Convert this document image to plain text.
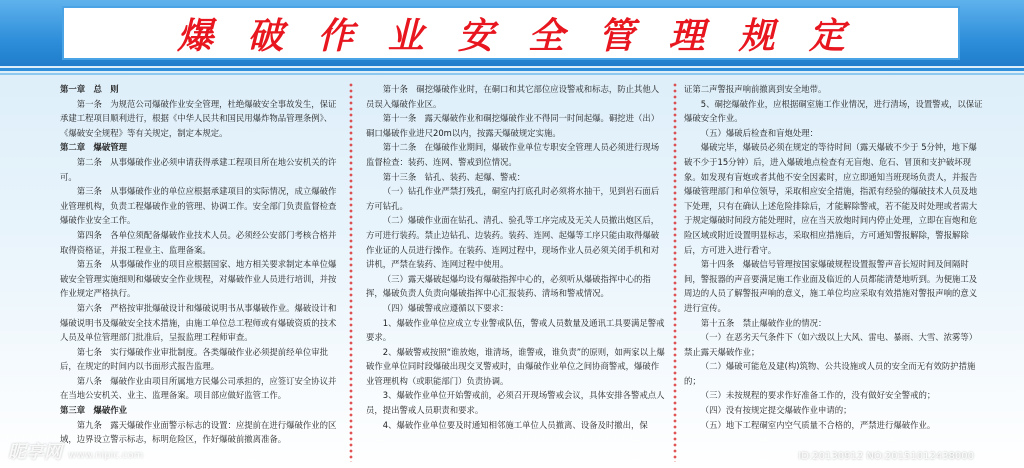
爆破作业安全管理规定

第一章　总　则

第一条　为规范公司爆破作业安全管理，杜绝爆破安全事故发生，保证承建工程项目顺利进行，根据《中华人民共和国民用爆炸物品管理条例》、《爆破安全规程》等有关规定，制定本规定。

第二章　爆破管理

第二条　从事爆破作业必须申请获得承建工程项目所在地公安机关的许可。

第三条　从事爆破作业的单位应根据承建项目的实际情况，成立爆破作业管理机构，负责工程爆破作业的管理、协调工作。安全部门负责监督检查爆破作业安全工作。

第四条　各单位须配备爆破作业技术人员。必须经公安部门考核合格并取得资格证，并报工程业主、监理备案。

第五条　从事爆破作业的项目应根据国家、地方相关要求制定本单位爆破安全管理实施细则和爆破安全作业规程，对爆破作业人员进行培训，并按作业规定严格执行。

第六条　严格按审批爆破设计和爆破说明书从事爆破作业。爆破设计和爆破说明书及爆破安全技术措施，由施工单位总工程师或有爆破资质的技术人员及单位管理部门批准后，呈报监理工程师审查。

第七条　实行爆破作业审批制度。各类爆破作业必须提前经单位审批后，在规定的时间内以书面形式报告监理。

第八条　爆破作业由项目所属地方民爆公司承担的，应签订安全协议并在当地公安机关、业主、监理备案。项目部应做好监管工作。

第三章　爆破作业

第九条　露天爆破作业面警示标志的设置：应提前在进行爆破作业的区域，边界设立警示标志，标明危险区，作好爆破前撤离准备。

第十条　硐挖爆破作业时，在硐口和其它部位应设警戒和标志，防止其他人员误入爆破作业区。

第十一条　露天爆破作业和硐挖爆破作业不得同一时间起爆。硐挖进（出）硐口爆破作业进尺20m以内，按露天爆破规定实施。

第十二条　在爆破作业期间，爆破作业单位专职安全管理人员必须进行现场监督检查：装药、连网、警戒到位情况。

第十三条　钻孔、装药、起爆、警戒：

（一）钻孔作业严禁打残孔，硐室内打底孔时必须将水抽干，见到岩石面后方可钻孔。

（二）爆破作业面在钻孔、清孔、验孔等工序完成及无关人员撤出炮区后，方可进行装药。禁止边钻孔、边装药。装药、连网、起爆等工序只能由取得爆破作业证的人员进行操作。在装药、连网过程中，现场作业人员必须关闭手机和对讲机，严禁在装药、连网过程中使用。

（三）露天爆破起爆均设有爆破指挥中心的，必须听从爆破指挥中心的指挥，爆破负责人负责向爆破指挥中心汇报装药、清场和警戒情况。

（四）爆破警戒应遵循以下要求：

1、爆破作业单位应成立专业警戒队伍，警戒人员数量及通讯工具要满足警戒要求。

2、爆破警戒按照“谁放炮，谁清场，谁警戒，谁负责”的原则，如两家以上爆破作业单位同时段爆破出现交叉警戒时，由爆破作业单位之间协商警戒，爆破作业管理机构（或职能部门）负责协调。

3、爆破作业单位开始警戒前，必须召开现场警戒会议，具体安排各警戒点人员，提出警戒人员职责和要求。

4、爆破作业单位要及时通知相邻施工单位人员撤离、设备及时撤出，保

证第二声警报声响前撤离到安全地带。

5、硐挖爆破作业，应根据硐室施工作业情况，进行清场，设置警戒，以保证爆破安全作业。

（五）爆破后检查和盲炮处理：

爆破完毕，爆破员必须在规定的等待时间（露天爆破不少于 5分钟，地下爆破不少于15分钟）后，进入爆破地点检查有无盲炮、危石、冒顶和支护破坏现象。如发现有盲炮或者其他不安全因素时，应立即通知当班现场负责人，并报告爆破管理部门和单位领导，采取相应安全措施，指派有经验的爆破技术人员及地下处理，只有在确认上述危险排除后，才能解除警戒，若不能及时处理或者需大于规定爆破时间段方能处理时，应在当天放炮时间内停止处理，立即在盲炮和危险区域或附近设置明显标志，采取相应措施后，方可通知警报解除，警报解除后，方可进入进行看守。

第十四条　爆破信号管理按国家爆破规程设置报警声音长短时间及间隔时间，警报器的声音要满足施工作业面及临近的人员都能清楚地听到。为便施工及周边的人员了解警报声响的意义，施工单位均应采取有效措施对警报声响的意义进行宣传。

第十五条　禁止爆破作业的情况：

（一）在恶劣天气条件下（如六级以上大风、雷电、暴雨、大雪、浓雾等）禁止露天爆破作业；

（二）爆破可能危及建(构)筑物、公共设施或人员的安全而无有效防护措施的；

（三）未按规程的要求作好准备工作的，没有做好安全警戒的；

（四）没有按规定提交爆破作业申请的；

（五）地下工程硐室内空气质量不合格的，严禁进行爆破作业。

昵享网 www.nipic.com	ID:20130912 NO:20151012438000
